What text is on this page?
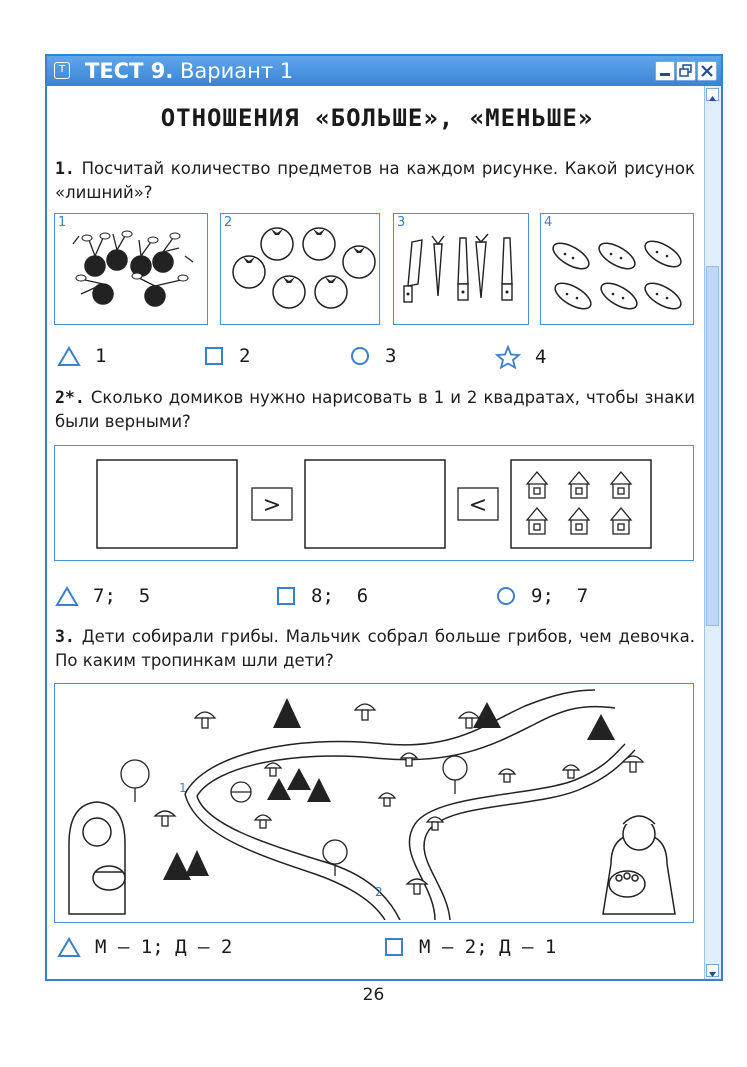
T ТЕСТ 9. Вариант 1
ОТНОШЕНИЯ «БОЛЬШЕ», «МЕНЬШЕ»
1. Посчитай количество предметов на каждом рисунке. Какой рисунок «лишний»?
1	2	3	4
1	2	3	4
2*. Сколько домиков нужно нарисовать в 1 и 2 квадратах, чтобы знаки были верными?
>	<
7;  5	8;  6	9;  7
3. Дети собирали грибы. Мальчик собрал больше грибов, чем девочка. По каким тропинкам шли дети?
1
2
М — 1; Д — 2	М — 2; Д — 1
26
